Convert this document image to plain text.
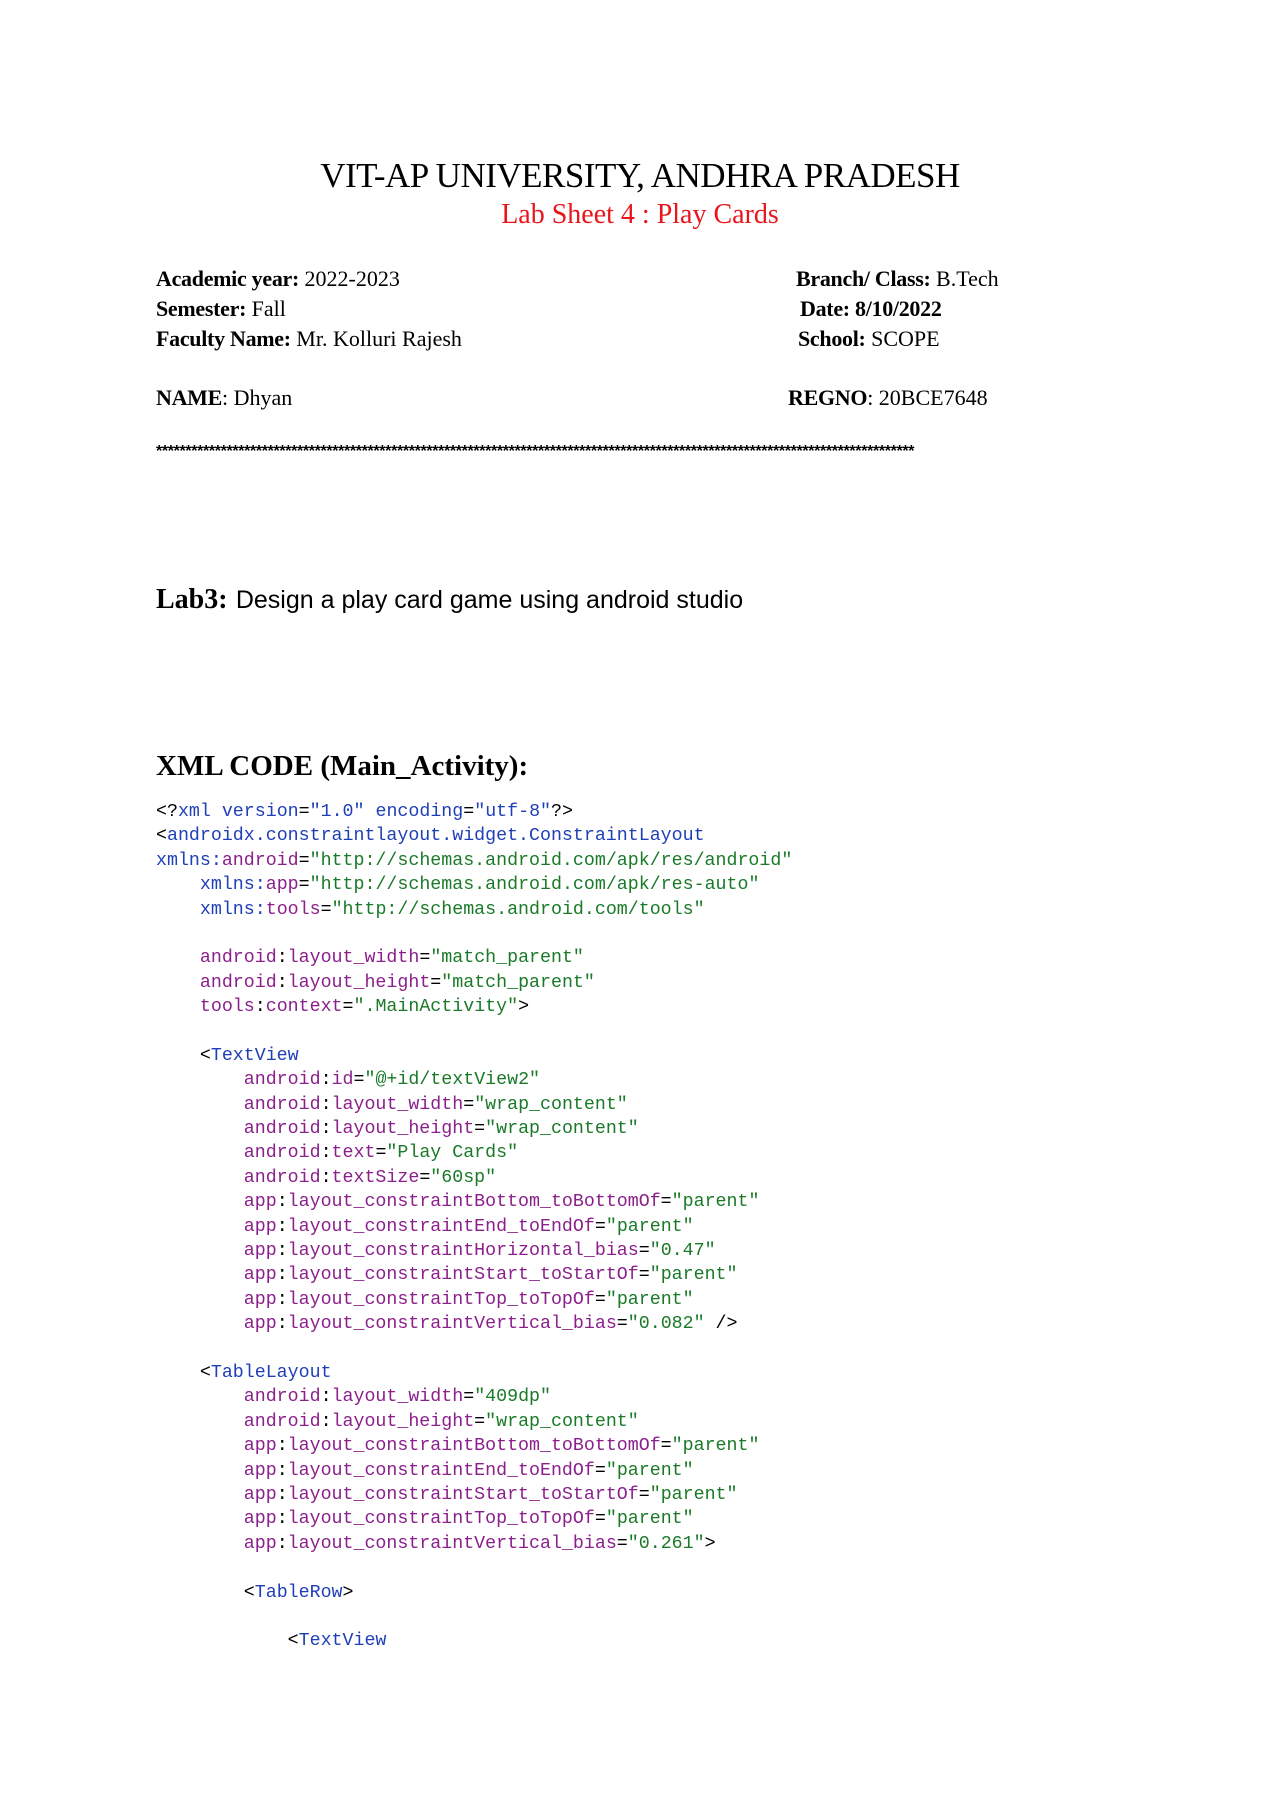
VIT-AP UNIVERSITY, ANDHRA PRADESH
Lab Sheet 4 : Play Cards
Academic year: 2022-2023
Semester: Fall
Faculty Name: Mr. Kolluri Rajesh
Branch/ Class: B.Tech
Date: 8/10/2022
School: SCOPE
NAME: Dhyan	REGNO: 20BCE7648
*********************************************************************************************************************************
Lab3: Design a play card game using android studio
XML CODE (Main_Activity):
<?xml version="1.0" encoding="utf-8"?>
<androidx.constraintlayout.widget.ConstraintLayout
xmlns:android="http://schemas.android.com/apk/res/android"
xmlns:app="http://schemas.android.com/apk/res-auto"
xmlns:tools="http://schemas.android.com/tools"
android:layout_width="match_parent"
android:layout_height="match_parent"
tools:context=".MainActivity">
<TextView
android:id="@+id/textView2"
android:layout_width="wrap_content"
android:layout_height="wrap_content"
android:text="Play Cards"
android:textSize="60sp"
app:layout_constraintBottom_toBottomOf="parent"
app:layout_constraintEnd_toEndOf="parent"
app:layout_constraintHorizontal_bias="0.47"
app:layout_constraintStart_toStartOf="parent"
app:layout_constraintTop_toTopOf="parent"
app:layout_constraintVertical_bias="0.082" />
<TableLayout
android:layout_width="409dp"
android:layout_height="wrap_content"
app:layout_constraintBottom_toBottomOf="parent"
app:layout_constraintEnd_toEndOf="parent"
app:layout_constraintStart_toStartOf="parent"
app:layout_constraintTop_toTopOf="parent"
app:layout_constraintVertical_bias="0.261">
<TableRow>
<TextView
